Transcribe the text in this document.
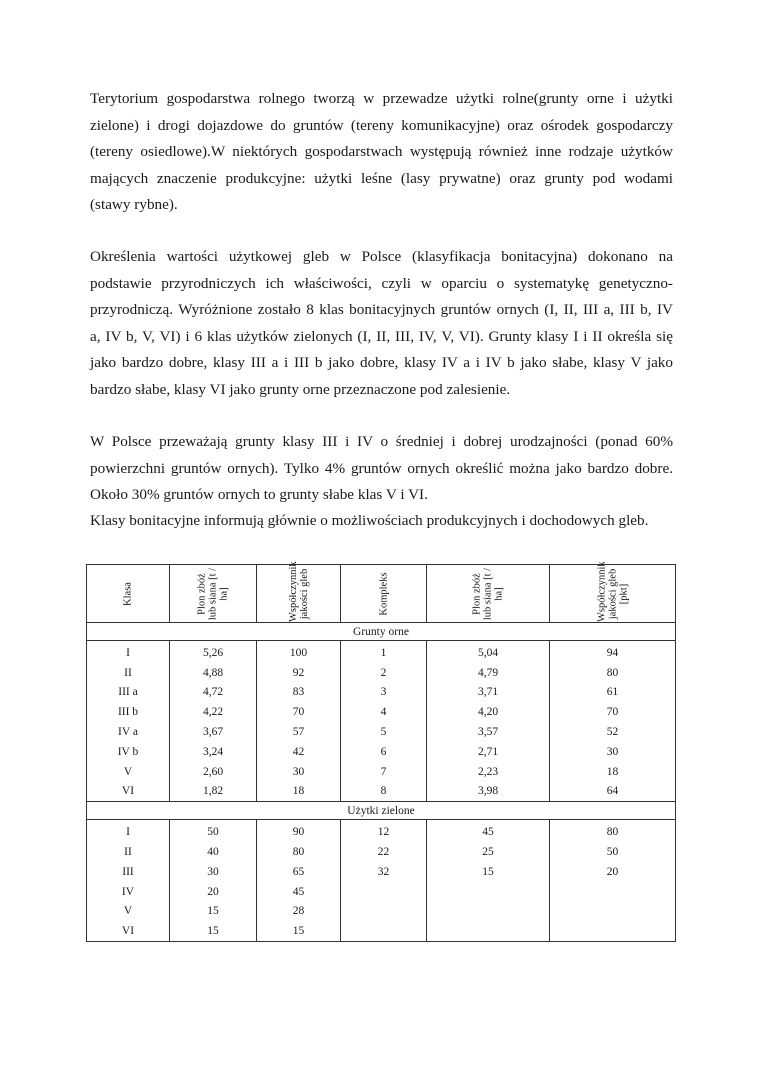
Terytorium gospodarstwa rolnego tworzą w przewadze użytki rolne(grunty orne i użytki
zielone) i drogi dojazdowe do gruntów (tereny komunikacyjne) oraz ośrodek gospodarczy
(tereny osiedlowe).W niektórych gospodarstwach występują również inne rodzaje użytków
mających znaczenie produkcyjne: użytki leśne (lasy prywatne) oraz grunty pod wodami
(stawy rybne).

Określenia wartości użytkowej gleb w Polsce (klasyfikacja bonitacyjna) dokonano na
podstawie przyrodniczych ich właściwości, czyli w oparciu o systematykę genetyczno-
przyrodniczą. Wyróżnione zostało 8 klas bonitacyjnych gruntów ornych (I, II, III a, III b, IV
a, IV b, V, VI) i 6 klas użytków zielonych (I, II, III, IV, V, VI). Grunty klasy I i II określa się
jako bardzo dobre, klasy III a i III b jako dobre, klasy IV a i IV b jako słabe, klasy V jako
bardzo słabe, klasy VI jako grunty orne przeznaczone pod zalesienie.

W Polsce przeważają grunty klasy III i IV o średniej i dobrej urodzajności (ponad 60%
powierzchni gruntów ornych). Tylko 4% gruntów ornych określić można jako bardzo dobre.
Około 30% gruntów ornych to grunty słabe klas V i VI.

Klasy bonitacyjne informują głównie o możliwościach produkcyjnych i dochodowych gleb.

Klasa	Plon zbóż lub siana [t / ha]	Współczynnik jakości gleb	Kompleks	Plon zbóż lub siana [t / ha]	Współczynnik jakości gleb [pkt]

Grunty orne					
I	5,26	100	1	5,04	94
II	4,88	92	2	4,79	80
III a	4,72	83	3	3,71	61
III b	4,22	70	4	4,20	70
IV a	3,67	57	5	3,57	52
IV b	3,24	42	6	2,71	30
V	2,60	30	7	2,23	18
VI	1,82	18	8	3,98	64
Użytki zielone					
I	50	90	12	45	80
II	40	80	22	25	50
III	30	65	32	15	20
IV	20	45			
V	15	28			
VI	15	15			
